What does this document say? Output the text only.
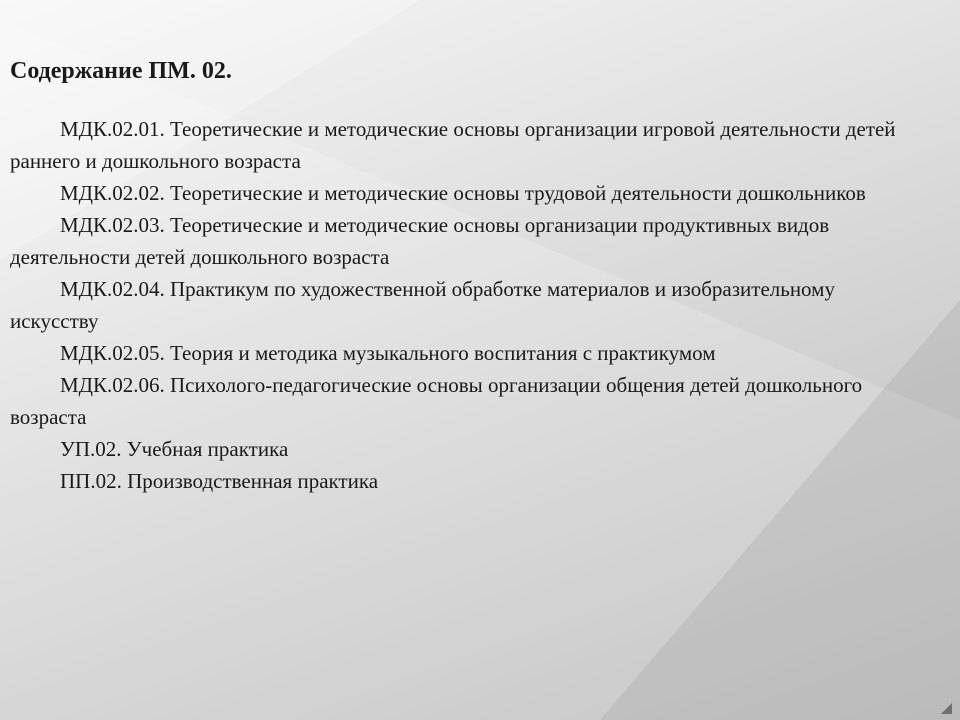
Содержание ПМ. 02.
МДК.02.01. Теоретические и методические основы организации игровой деятельности детей раннего и дошкольного возраста
МДК.02.02. Теоретические и методические основы трудовой деятельности дошкольников
МДК.02.03. Теоретические и методические основы организации продуктивных видов деятельности детей дошкольного возраста
МДК.02.04. Практикум по художественной обработке материалов и изобразительному искусству
МДК.02.05. Теория и методика музыкального воспитания с практикумом
МДК.02.06. Психолого-педагогические основы организации общения детей дошкольного возраста
УП.02. Учебная практика
ПП.02. Производственная практика
